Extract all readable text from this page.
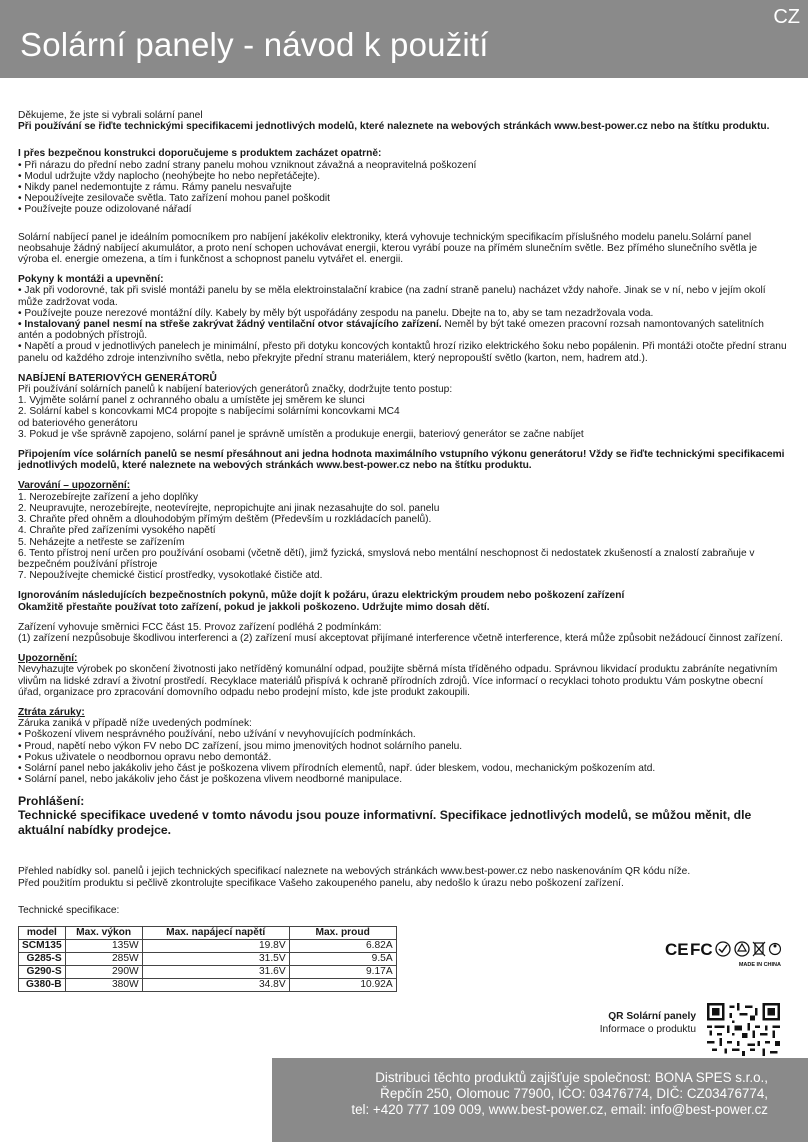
Solární panely - návod k použití
CZ

Děkujeme, že jste si vybrali solární panel
Při používání se řiďte technickými specifikacemi jednotlivých modelů, které naleznete na webových stránkách www.best-power.cz nebo na štítku produktu.

I přes bezpečnou konstrukci doporučujeme s produktem zacházet opatrně:
• Při nárazu do přední nebo zadní strany panelu mohou vzniknout závažná a neopravitelná poškození
• Modul udržujte vždy naplocho (neohýbejte ho nebo nepřetáčejte).
• Nikdy panel nedemontujte z rámu. Rámy panelu nesvařujte
• Nepoužívejte zesilovače světla. Tato zařízení mohou panel poškodit
• Používejte pouze odizolované nářadí

Solární nabíjecí panel je ideálním pomocníkem pro nabíjení jakékoliv elektroniky, která vyhovuje technickým specifikacím příslušného modelu panelu.Solární panel neobsahuje žádný nabíjecí akumulátor, a proto není schopen uchovávat energii, kterou vyrábí pouze na přímém slunečním světle. Bez přímého slunečního světla je výroba el. energie omezena, a tím i funkčnost a schopnost panelu vytvářet el. energii.

Pokyny k montáži a upevnění:
• Jak při vodorovné, tak při svislé montáži panelu by se měla elektroinstalační krabice (na zadní straně panelu) nacházet vždy nahoře. Jinak se v ní, nebo v jejím okolí může zadržovat voda.
• Používejte pouze nerezové montážní díly. Kabely by měly být uspořádány zespodu na panelu. Dbejte na to, aby se tam nezadržovala voda.
• Instalovaný panel nesmí na střeše zakrývat žádný ventilační otvor stávajícího zařízení. Neměl by být také omezen pracovní rozsah namontovaných satelitních antén a podobných přístrojů.
• Napětí a proud v jednotlivých panelech je minimální, přesto při dotyku koncových kontaktů hrozí riziko elektrického šoku nebo popálenin. Při montáži otočte přední stranu panelu od každého zdroje intenzivního světla, nebo překryjte přední stranu materiálem, který nepropouští světlo (karton, nem, hadrem atd.).

NABÍJENÍ BATERIOVÝCH GENERÁTORŮ
Při používání solárních panelů k nabíjení bateriových generátorů značky, dodržujte tento postup:
1. Vyjměte solární panel z ochranného obalu a umístěte jej směrem ke slunci
2. Solární kabel s koncovkami MC4 propojte s nabíjecími solárními koncovkami MC4
od bateriového generátoru
3. Pokud je vše správně zapojeno, solární panel je správně umístěn a produkuje energii, bateriový generátor se začne nabíjet

Připojením více solárních panelů se nesmí přesáhnout ani jedna hodnota maximálního vstupního výkonu generátoru! Vždy se řiďte technickými specifikacemi jednotlivých modelů, které naleznete na webových stránkách www.best-power.cz nebo na štítku produktu.

Varování – upozornění:
1. Nerozebírejte zařízení a jeho doplňky
2. Neupravujte, nerozebírejte, neotevírejte, nepropichujte ani jinak nezasahujte do sol. panelu
3. Chraňte před ohněm a dlouhodobým přímým deštěm (Především u rozkládacích panelů).
4. Chraňte před zařízeními vysokého napětí
5. Neházejte a netřeste se zařízením
6. Tento přístroj není určen pro používání osobami (včetně dětí), jimž fyzická, smyslová nebo mentální neschopnost či nedostatek zkušeností a znalostí zabraňuje v bezpečném používání přístroje
7. Nepoužívejte chemické čisticí prostředky, vysokotlaké čističe atd.

Ignorováním následujících bezpečnostních pokynů, může dojít k požáru, úrazu elektrickým proudem nebo poškození zařízení
Okamžitě přestaňte používat toto zařízení, pokud je jakkoli poškozeno. Udržujte mimo dosah dětí.

Zařízení vyhovuje směrnici FCC část 15. Provoz zařízení podléhá 2 podmínkám:
(1) zařízení nezpůsobuje škodlivou interferenci a (2) zařízení musí akceptovat přijímané interference včetně interference, která může způsobit nežádoucí činnost zařízení.

Upozornění:
Nevyhazujte výrobek po skončení životnosti jako netříděný komunální odpad, použijte sběrná místa tříděného odpadu. Správnou likvidací produktu zabráníte negativním vlivům na lidské zdraví a životní prostředí. Recyklace materiálů přispívá k ochraně přírodních zdrojů. Více informací o recyklaci tohoto produktu Vám poskytne obecní úřad, organizace pro zpracování domovního odpadu nebo prodejní místo, kde jste produkt zakoupili.

Ztráta záruky:
Záruka zaniká v případě níže uvedených podmínek:
• Poškození vlivem nesprávného používání, nebo užívání v nevyhovujících podmínkách.
• Proud, napětí nebo výkon FV nebo DC zařízení, jsou mimo jmenovitých hodnot solárního panelu.
• Pokus uživatele o neodbornou opravu nebo demontáž.
• Solární panel nebo jakákoliv jeho část je poškozena vlivem přírodních elementů, např. úder bleskem, vodou, mechanickým poškozením atd.
• Solární panel, nebo jakákoliv jeho část je poškozena vlivem neodborné manipulace.

Prohlášení:

Technické specifikace uvedené v tomto návodu jsou pouze informativní. Specifikace jednotlivých modelů, se můžou měnit, dle aktuální nabídky prodejce.

Přehled nabídky sol. panelů i jejich technických specifikací naleznete na webových stránkách www.best-power.cz nebo naskenováním QR kódu níže.
Před použitím produktu si pečlivě zkontrolujte specifikace Vašeho zakoupeného panelu, aby nedošlo k úrazu nebo poškození zařízení.

Technické specifikace:
model	Max. výkon	Max. napájecí napětí	Max. proud
SCM135	135W	19.8V	6.82A
G285-S	285W	31.5V	9.5A
G290-S	290W	31.6V	9.17A
G380-B	380W	34.8V	10.92A
CE FC
MADE IN CHINA
QR Solární panely
Informace o produktu
Distribuci těchto produktů zajišťuje společnost: BONA SPES s.r.o.,
Řepčín 250, Olomouc 77900, IČO: 03476774, DIČ: CZ03476774,
tel: +420 777 109 009, www.best-power.cz, email: info@best-power.cz
